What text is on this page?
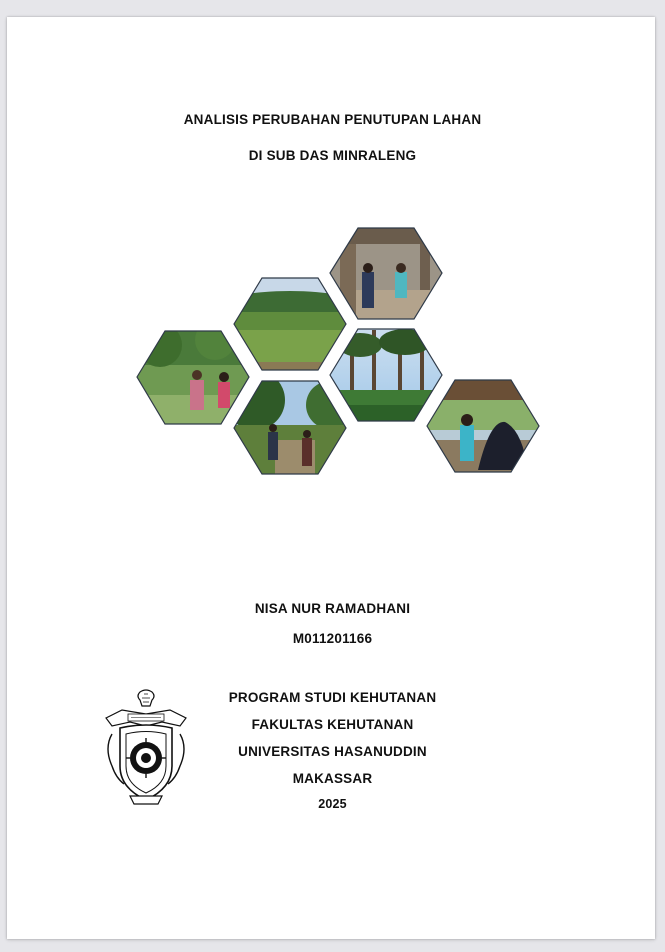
ANALISIS PERUBAHAN PENUTUPAN LAHAN
DI SUB DAS MINRALENG
NISA NUR RAMADHANI
M011201166
PROGRAM STUDI KEHUTANAN
FAKULTAS KEHUTANAN
UNIVERSITAS HASANUDDIN
MAKASSAR
2025
